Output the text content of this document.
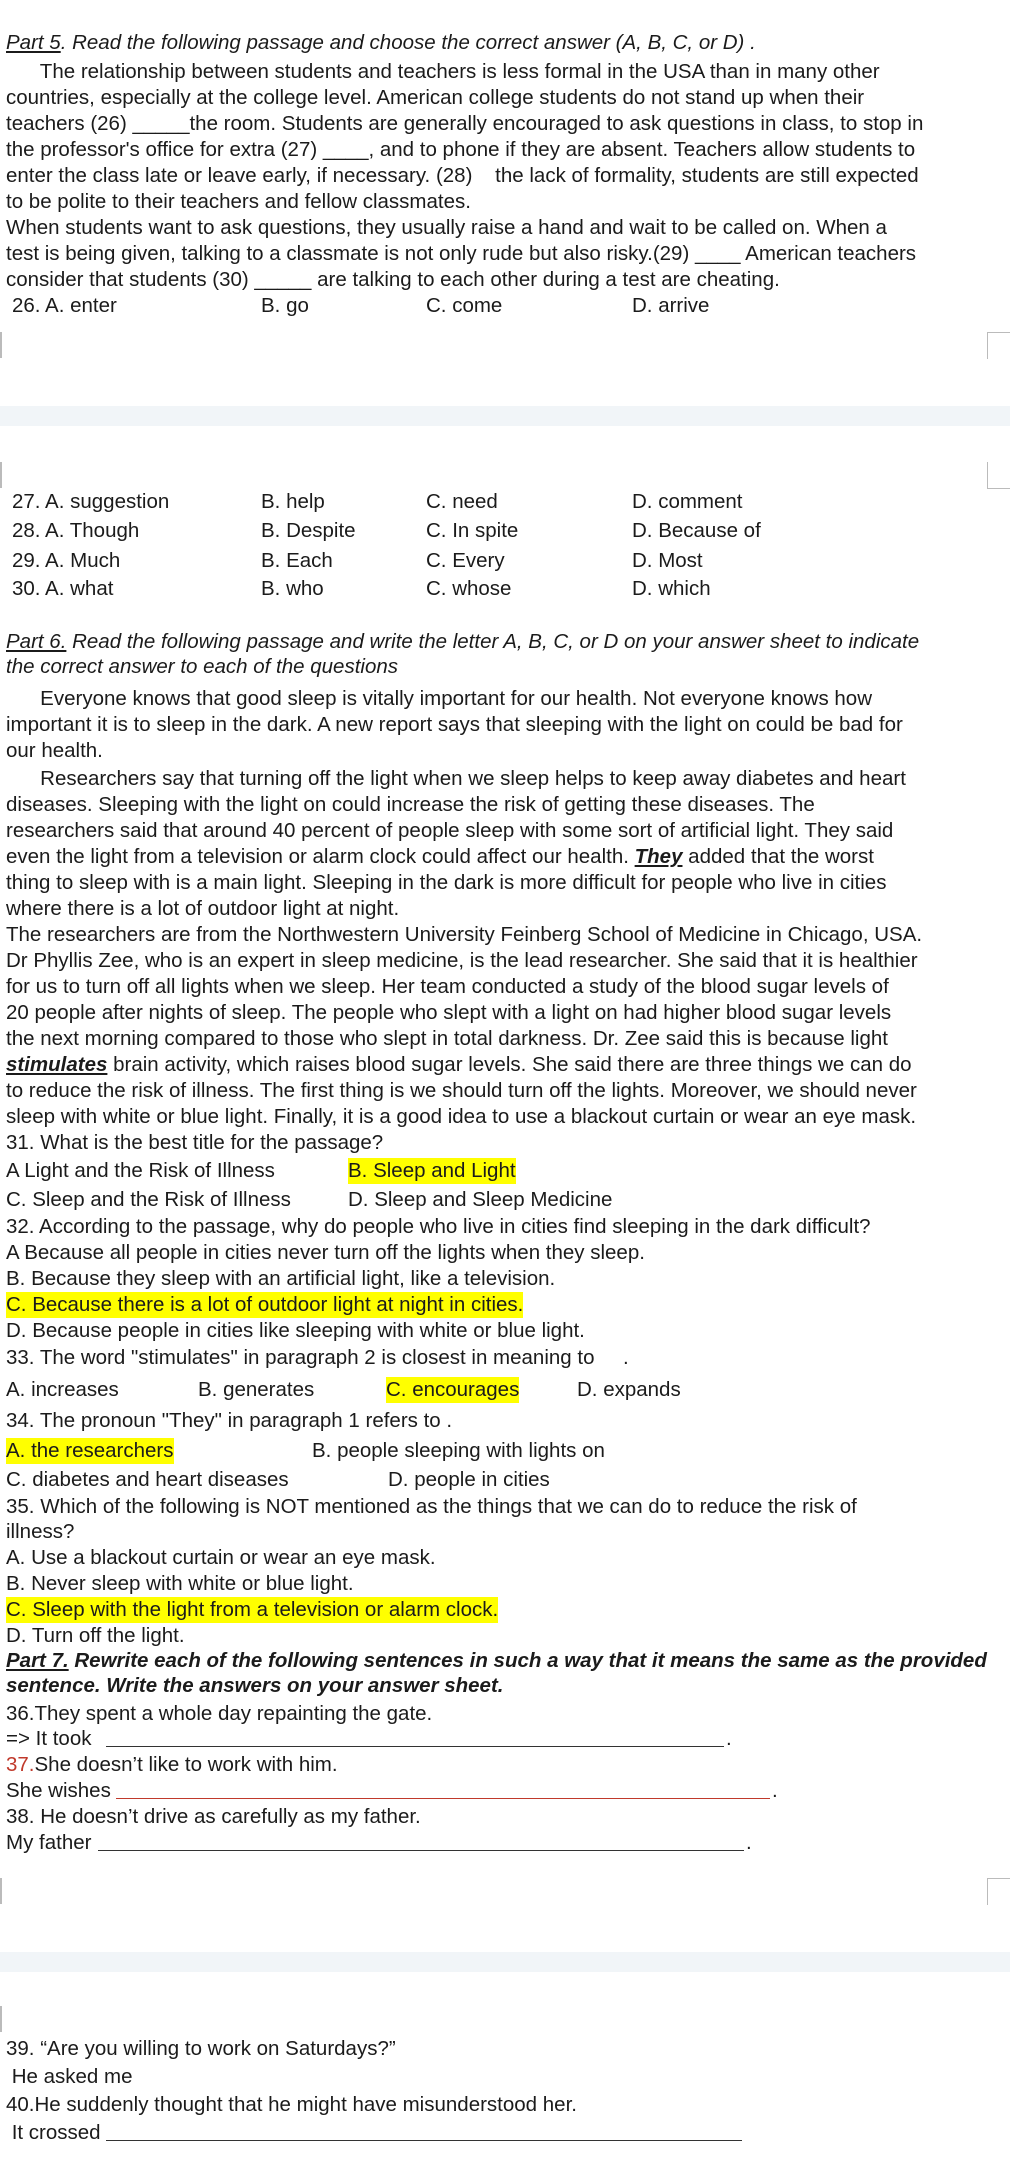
Part 5. Read the following passage and choose the correct answer (A, B, C, or D) .
The relationship between students and teachers is less formal in the USA than in many other
countries, especially at the college level. American college students do not stand up when their
teachers (26) _____the room. Students are generally encouraged to ask questions in class, to stop in
the professor's office for extra (27) ____, and to phone if they are absent. Teachers allow students to
enter the class late or leave early, if necessary. (28)    the lack of formality, students are still expected
to be polite to their teachers and fellow classmates.
When students want to ask questions, they usually raise a hand and wait to be called on. When a
test is being given, talking to a classmate is not only rude but also risky.(29) ____ American teachers
consider that students (30) _____ are talking to each other during a test are cheating.
26. A. enter	B. go	C. come	D. arrive
27. A. suggestion	B. help	C. need	D. comment
28. A. Though	B. Despite	C. In spite	D. Because of
29. A. Much	B. Each	C. Every	D. Most
30. A. what	B. who	C. whose	D. which
Part 6. Read the following passage and write the letter A, B, C, or D on your answer sheet to indicate
the correct answer to each of the questions
Everyone knows that good sleep is vitally important for our health. Not everyone knows how
important it is to sleep in the dark. A new report says that sleeping with the light on could be bad for
our health.
Researchers say that turning off the light when we sleep helps to keep away diabetes and heart
diseases. Sleeping with the light on could increase the risk of getting these diseases. The
researchers said that around 40 percent of people sleep with some sort of artificial light. They said
even the light from a television or alarm clock could affect our health. They added that the worst
thing to sleep with is a main light. Sleeping in the dark is more difficult for people who live in cities
where there is a lot of outdoor light at night.
The researchers are from the Northwestern University Feinberg School of Medicine in Chicago, USA.
Dr Phyllis Zee, who is an expert in sleep medicine, is the lead researcher. She said that it is healthier
for us to turn off all lights when we sleep. Her team conducted a study of the blood sugar levels of
20 people after nights of sleep. The people who slept with a light on had higher blood sugar levels
the next morning compared to those who slept in total darkness. Dr. Zee said this is because light
stimulates brain activity, which raises blood sugar levels. She said there are three things we can do
to reduce the risk of illness. The first thing is we should turn off the lights. Moreover, we should never
sleep with white or blue light. Finally, it is a good idea to use a blackout curtain or wear an eye mask.
31. What is the best title for the passage?
A Light and the Risk of Illness	B. Sleep and Light
C. Sleep and the Risk of Illness	D. Sleep and Sleep Medicine
32. According to the passage, why do people who live in cities find sleeping in the dark difficult?
A Because all people in cities never turn off the lights when they sleep.
B. Because they sleep with an artificial light, like a television.
C. Because there is a lot of outdoor light at night in cities.
D. Because people in cities like sleeping with white or blue light.
33. The word "stimulates" in paragraph 2 is closest in meaning to     .
A. increases	B. generates	C. encourages	D. expands
34. The pronoun "They" in paragraph 1 refers to .
A. the researchers	B. people sleeping with lights on
C. diabetes and heart diseases	D. people in cities
35. Which of the following is NOT mentioned as the things that we can do to reduce the risk of
illness?
A. Use a blackout curtain or wear an eye mask.
B. Never sleep with white or blue light.
C. Sleep with the light from a television or alarm clock.
D. Turn off the light.
Part 7. Rewrite each of the following sentences in such a way that it means the same as the provided
sentence. Write the answers on your answer sheet.
36.They spent a whole day repainting the gate.
=> It took	.
37.She doesn’t like to work with him.
She wishes	.
38. He doesn’t drive as carefully as my father.
My father	.
39. “Are you willing to work on Saturdays?”
He asked me
40.He suddenly thought that he might have misunderstood her.
It crossed
